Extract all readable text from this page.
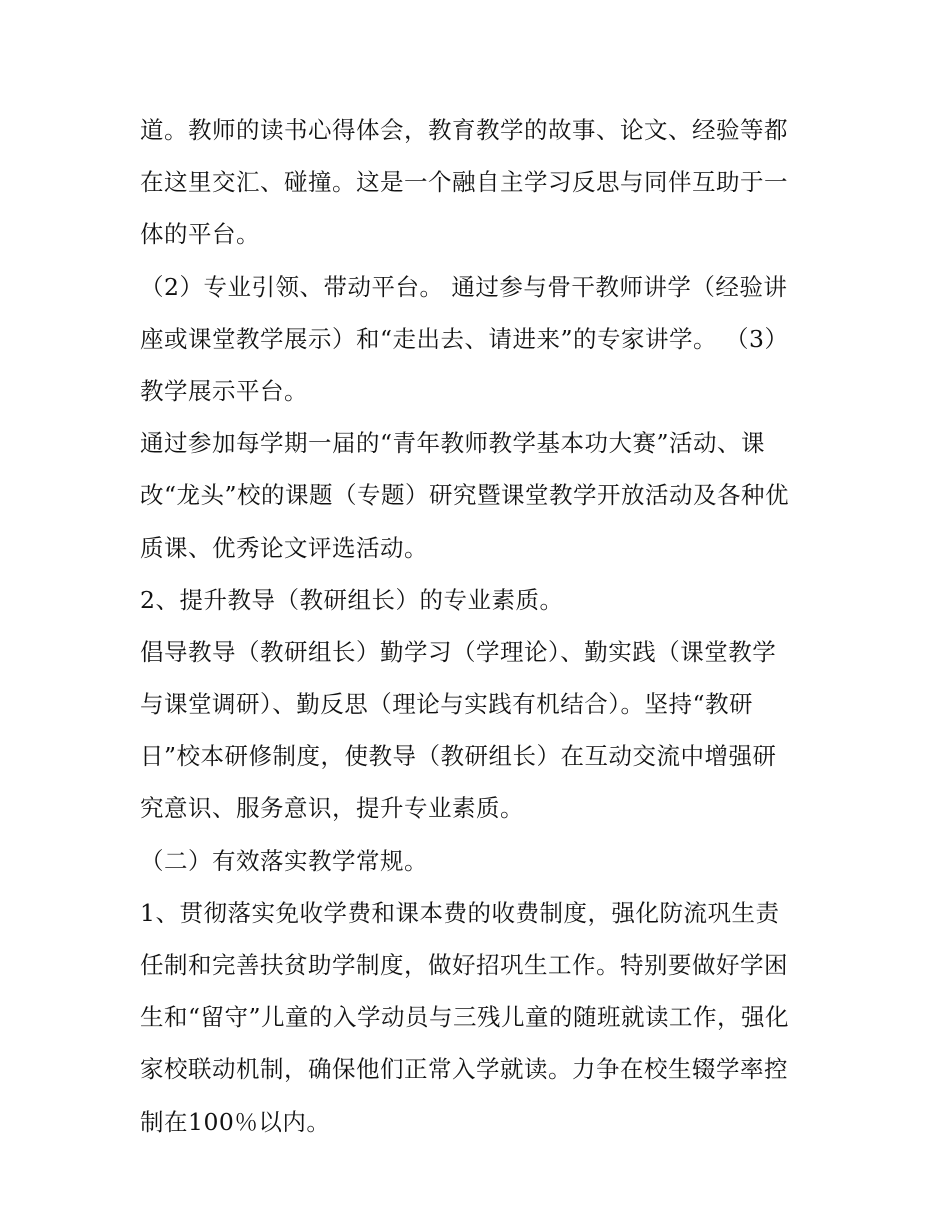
道。教师的读书心得体会，教育教学的故事、论文、经验等都
在这里交汇、碰撞。这是一个融自主学习反思与同伴互助于一
体的平台。
（2）专业引领、带动平台。 通过参与骨干教师讲学（经验讲
座或课堂教学展示）和“走出去、请进来”的专家讲学。 （3）
教学展示平台。
通过参加每学期一届的“青年教师教学基本功大赛”活动、课
改“龙头”校的课题（专题）研究暨课堂教学开放活动及各种优
质课、优秀论文评选活动。
2、提升教导（教研组长）的专业素质。
倡导教导（教研组长）勤学习（学理论）、勤实践（课堂教学
与课堂调研）、勤反思（理论与实践有机结合）。坚持“教研
日”校本研修制度，使教导（教研组长）在互动交流中增强研
究意识、服务意识，提升专业素质。
（二）有效落实教学常规。
1、贯彻落实免收学费和课本费的收费制度，强化防流巩生责
任制和完善扶贫助学制度，做好招巩生工作。特别要做好学困
生和“留守”儿童的入学动员与三残儿童的随班就读工作，强化
家校联动机制，确保他们正常入学就读。力争在校生辍学率控
制在100％以内。
